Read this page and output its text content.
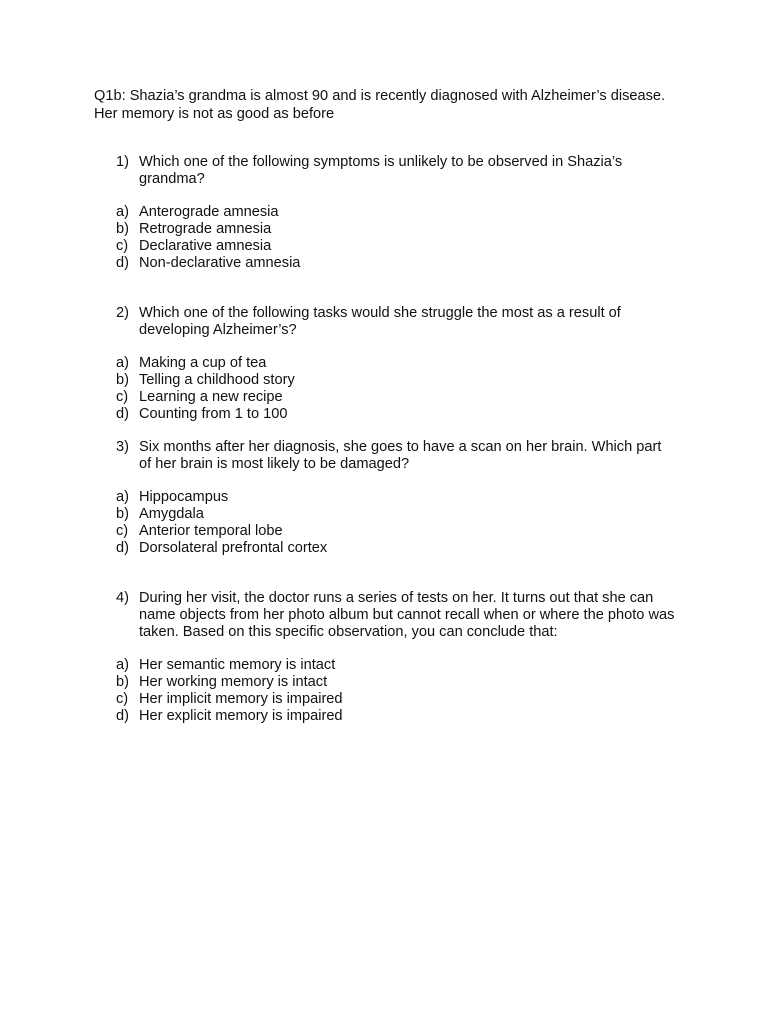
Q1b: Shazia’s grandma is almost 90 and is recently diagnosed with Alzheimer’s disease. Her memory is not as good as before
1) Which one of the following symptoms is unlikely to be observed in Shazia’s grandma?
a) Anterograde amnesia
b) Retrograde amnesia
c) Declarative amnesia
d) Non-declarative amnesia
2) Which one of the following tasks would she struggle the most as a result of developing Alzheimer’s?
a) Making a cup of tea
b) Telling a childhood story
c) Learning a new recipe
d) Counting from 1 to 100
3) Six months after her diagnosis, she goes to have a scan on her brain. Which part of her brain is most likely to be damaged?
a) Hippocampus
b) Amygdala
c) Anterior temporal lobe
d) Dorsolateral prefrontal cortex
4) During her visit, the doctor runs a series of tests on her. It turns out that she can name objects from her photo album but cannot recall when or where the photo was taken. Based on this specific observation, you can conclude that:
a) Her semantic memory is intact
b) Her working memory is intact
c) Her implicit memory is impaired
d) Her explicit memory is impaired
